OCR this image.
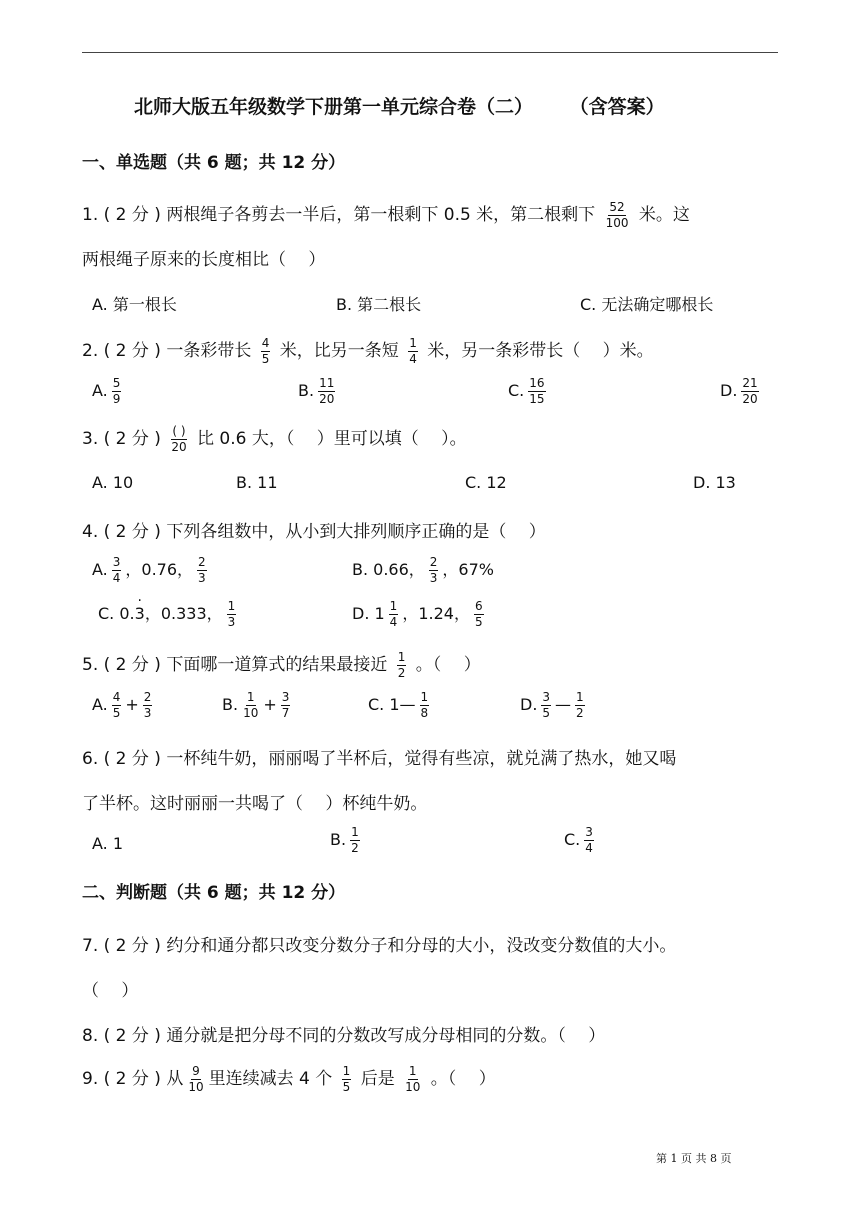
北师大版五年级数学下册第一单元综合卷（二） （含答案）
一、单选题（共 6 题；共 12 分）
1. ( 2 分 ) 两根绳子各剪去一半后，第一根剩下 0.5 米，第二根剩下 $\frac{52}{100}$ 米。这
两根绳子原来的长度相比（　 ）
A. 第一根长	B. 第二根长	C. 无法确定哪根长
2. ( 2 分 ) 一条彩带长 $\frac{4}{5}$ 米，比另一条短 $\frac{1}{4}$ 米，另一条彩带长（　 ）米。
A. $\frac{5}{9}$	B. $\frac{11}{20}$	C. $\frac{16}{15}$	D. $\frac{21}{20}$
3. ( 2 分 ) $\frac{( )}{20}$ 比 0.6 大，（　 ）里可以填（　 ）。
A. 10	B. 11	C. 12	D. 13
4. ( 2 分 ) 下列各组数中，从小到大排列顺序正确的是（　 ）
A. $\frac{3}{4}$ ，0.76， $\frac{2}{3}$	B. 0.66， $\frac{2}{3}$ ，67%
C. 0.· 3，0.333， $\frac{1}{3}$	D. $1 \frac{1}{4}$ ，1.24， $\frac{6}{5}$
5. ( 2 分 ) 下面哪一道算式的结果最接近 $\frac{1}{2}$ 。（　 ）
A. $\frac{4}{5} + \frac{2}{3}$	B. $\frac{1}{10} + \frac{3}{7}$	C. 1— $\frac{1}{8}$	D. $\frac{3}{5}$ — $\frac{1}{2}$
6. ( 2 分 ) 一杯纯牛奶，丽丽喝了半杯后，觉得有些凉，就兑满了热水，她又喝
了半杯。这时丽丽一共喝了（　 ）杯纯牛奶。
A. 1	B. $\frac{1}{2}$	C. $\frac{3}{4}$
二、判断题（共 6 题；共 12 分）
7. ( 2 分 ) 约分和通分都只改变分数分子和分母的大小，没改变分数值的大小。
（　 ）
8. ( 2 分 ) 通分就是把分母不同的分数改写成分母相同的分数。（　 ）
9. ( 2 分 ) 从 $\frac{9}{10}$ 里连续减去 4 个 $\frac{1}{5}$ 后是 $\frac{1}{10}$ 。（　 ）
第 1 页 共 8 页
